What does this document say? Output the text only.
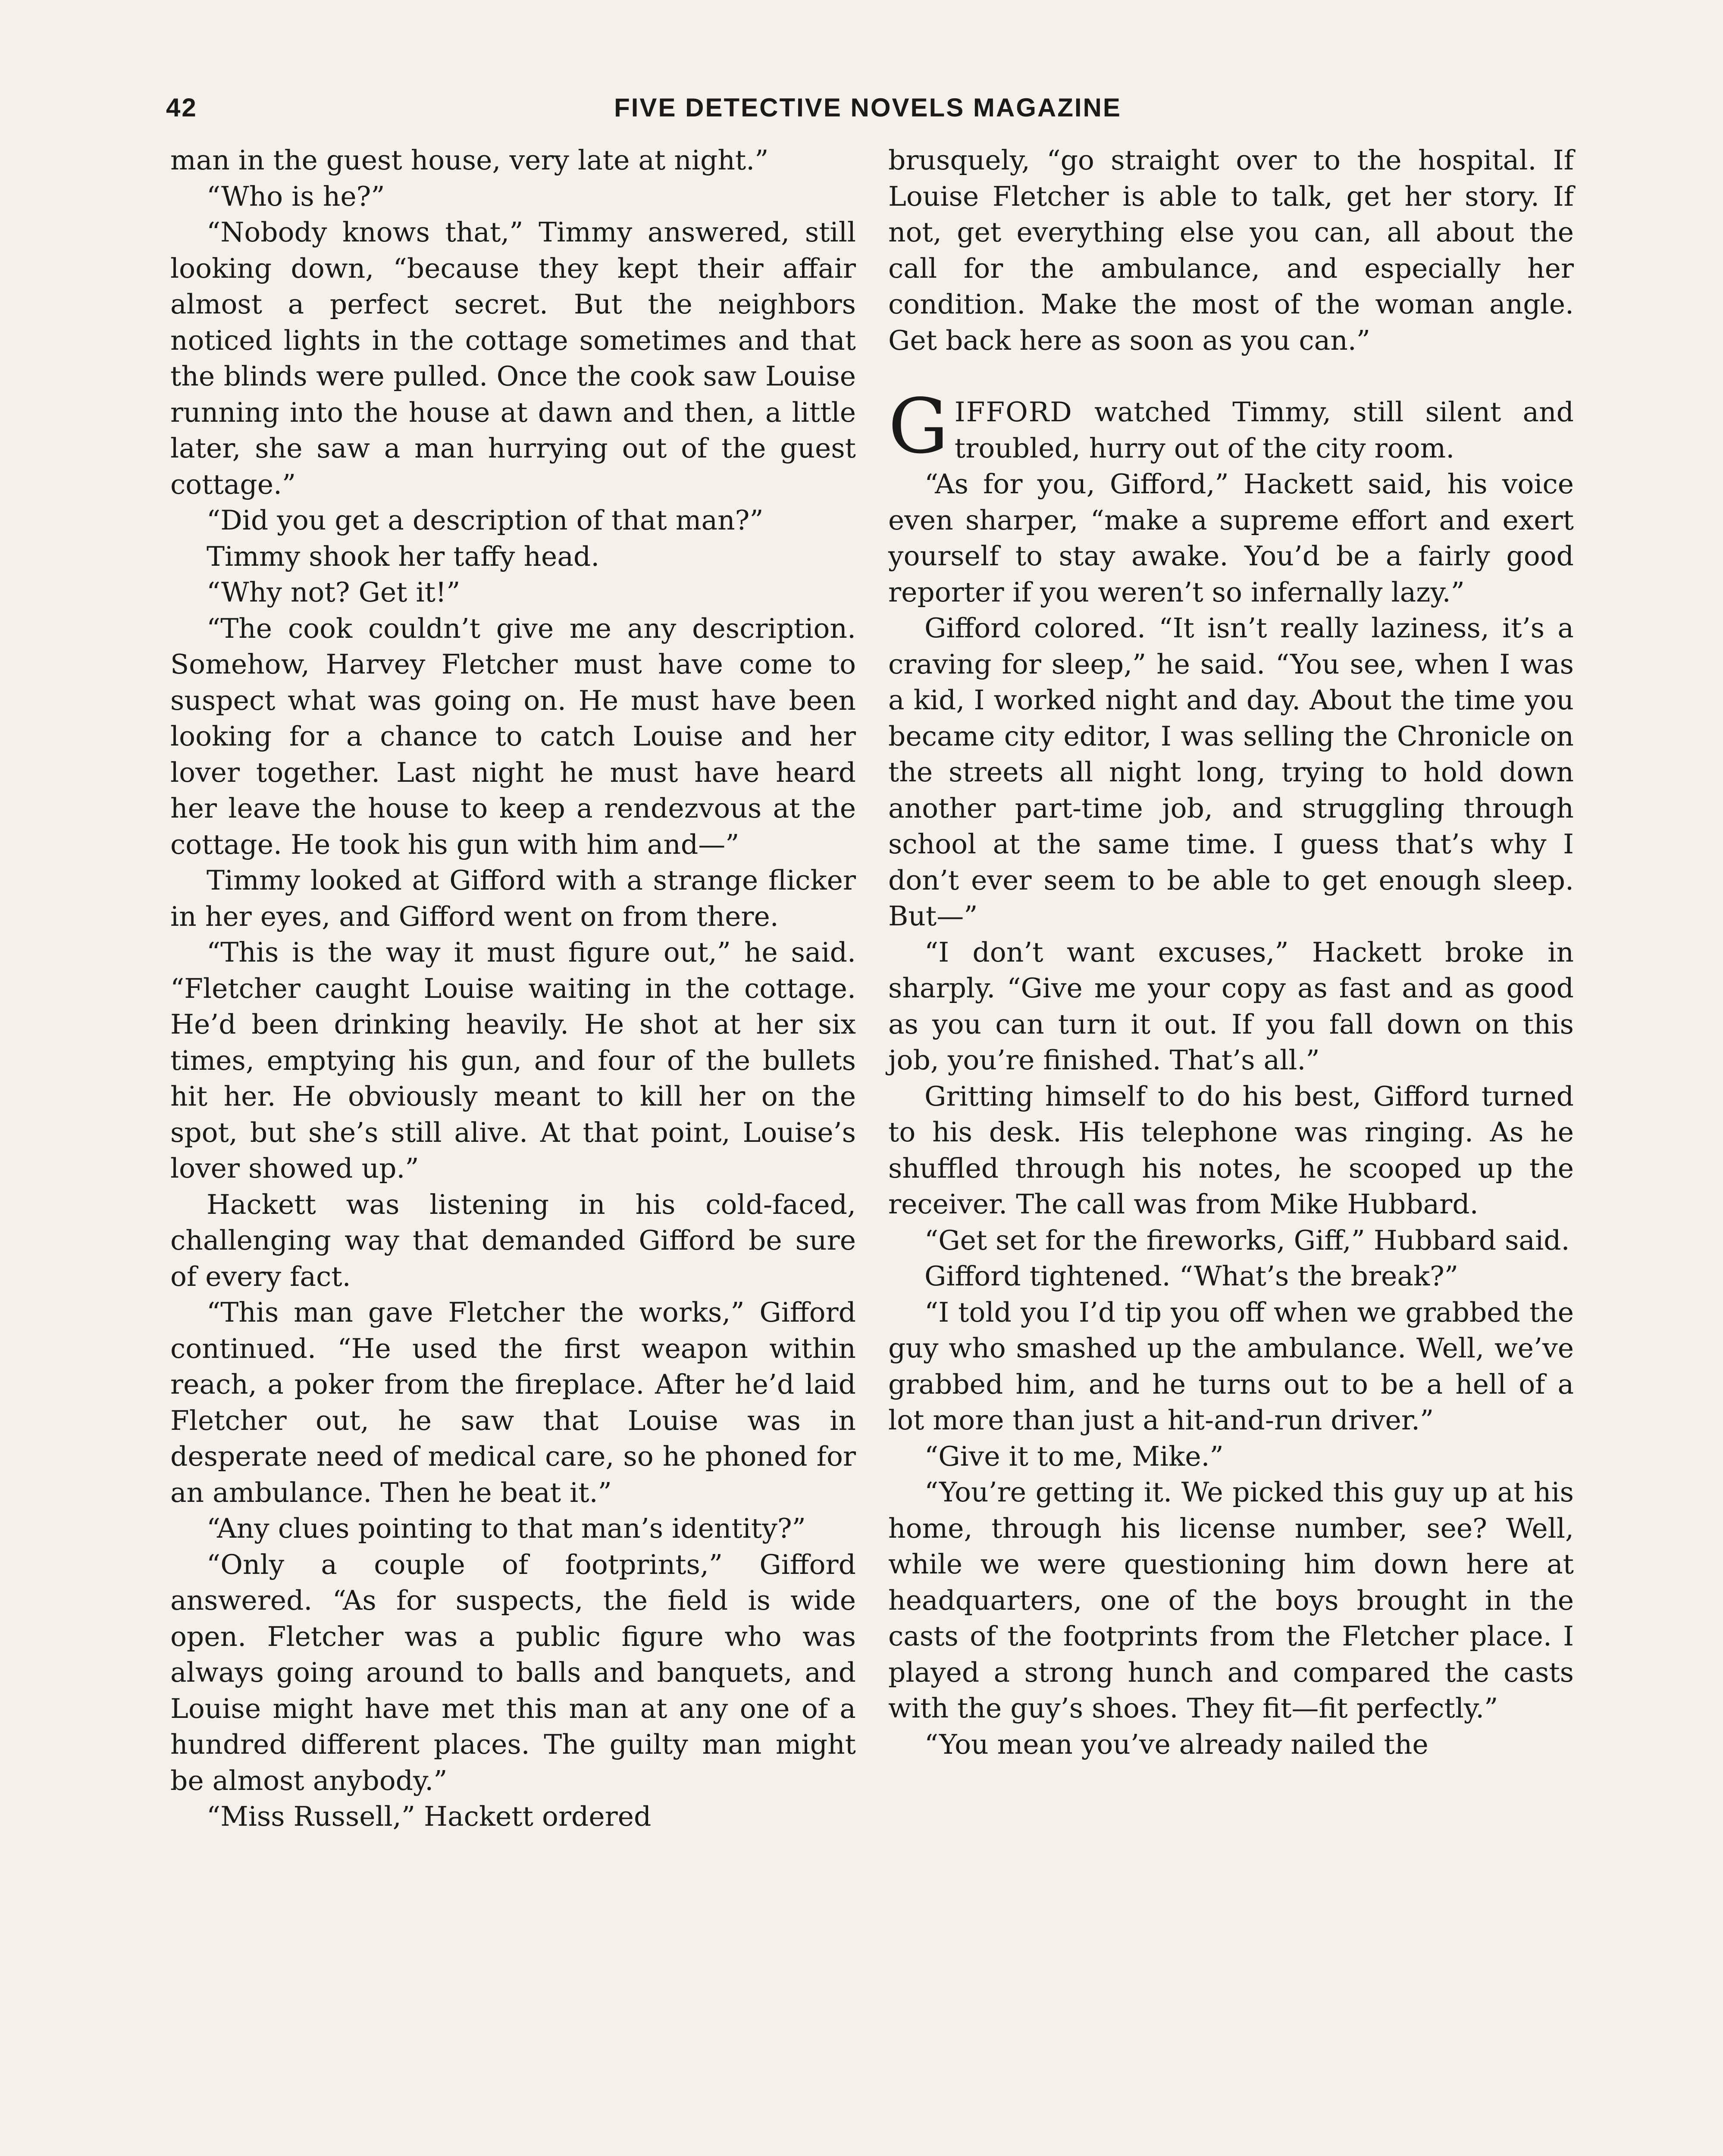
42	FIVE DETECTIVE NOVELS MAGAZINE

man in the guest house, very late at night.”

“Who is he?”

“Nobody knows that,” Timmy answered, still looking down, “because they kept their affair almost a perfect secret. But the neighbors noticed lights in the cottage sometimes and that the blinds were pulled. Once the cook saw Louise running into the house at dawn and then, a little later, she saw a man hurrying out of the guest cottage.”

“Did you get a description of that man?”

Timmy shook her taffy head.

“Why not? Get it!”

“The cook couldn’t give me any description. Somehow, Harvey Fletcher must have come to suspect what was going on. He must have been looking for a chance to catch Louise and her lover together. Last night he must have heard her leave the house to keep a rendezvous at the cottage. He took his gun with him and—”

Timmy looked at Gifford with a strange flicker in her eyes, and Gifford went on from there.

“This is the way it must figure out,” he said. “Fletcher caught Louise waiting in the cottage. He’d been drinking heavily. He shot at her six times, emptying his gun, and four of the bullets hit her. He obviously meant to kill her on the spot, but she’s still alive. At that point, Louise’s lover showed up.”

Hackett was listening in his cold-faced, challenging way that demanded Gifford be sure of every fact.

“This man gave Fletcher the works,” Gifford continued. “He used the first weapon within reach, a poker from the fireplace. After he’d laid Fletcher out, he saw that Louise was in desperate need of medical care, so he phoned for an ambulance. Then he beat it.”

“Any clues pointing to that man’s identity?”

“Only a couple of footprints,” Gifford answered. “As for suspects, the field is wide open. Fletcher was a public figure who was always going around to balls and banquets, and Louise might have met this man at any one of a hundred different places. The guilty man might be almost anybody.”

“Miss Russell,” Hackett ordered

brusquely, “go straight over to the hospital. If Louise Fletcher is able to talk, get her story. If not, get everything else you can, all about the call for the ambulance, and especially her condition. Make the most of the woman angle. Get back here as soon as you can.”

GIFFORD watched Timmy, still silent and troubled, hurry out of the city room.

“As for you, Gifford,” Hackett said, his voice even sharper, “make a supreme effort and exert yourself to stay awake. You’d be a fairly good reporter if you weren’t so infernally lazy.”

Gifford colored. “It isn’t really laziness, it’s a craving for sleep,” he said. “You see, when I was a kid, I worked night and day. About the time you became city editor, I was selling the Chronicle on the streets all night long, trying to hold down another part-time job, and struggling through school at the same time. I guess that’s why I don’t ever seem to be able to get enough sleep. But—”

“I don’t want excuses,” Hackett broke in sharply. “Give me your copy as fast and as good as you can turn it out. If you fall down on this job, you’re finished. That’s all.”

Gritting himself to do his best, Gifford turned to his desk. His telephone was ringing. As he shuffled through his notes, he scooped up the receiver. The call was from Mike Hubbard.

“Get set for the fireworks, Giff,” Hubbard said.

Gifford tightened. “What’s the break?”

“I told you I’d tip you off when we grabbed the guy who smashed up the ambulance. Well, we’ve grabbed him, and he turns out to be a hell of a lot more than just a hit-and-run driver.”

“Give it to me, Mike.”

“You’re getting it. We picked this guy up at his home, through his license number, see? Well, while we were questioning him down here at headquarters, one of the boys brought in the casts of the footprints from the Fletcher place. I played a strong hunch and compared the casts with the guy’s shoes. They fit—fit perfectly.”

“You mean you’ve already nailed the
